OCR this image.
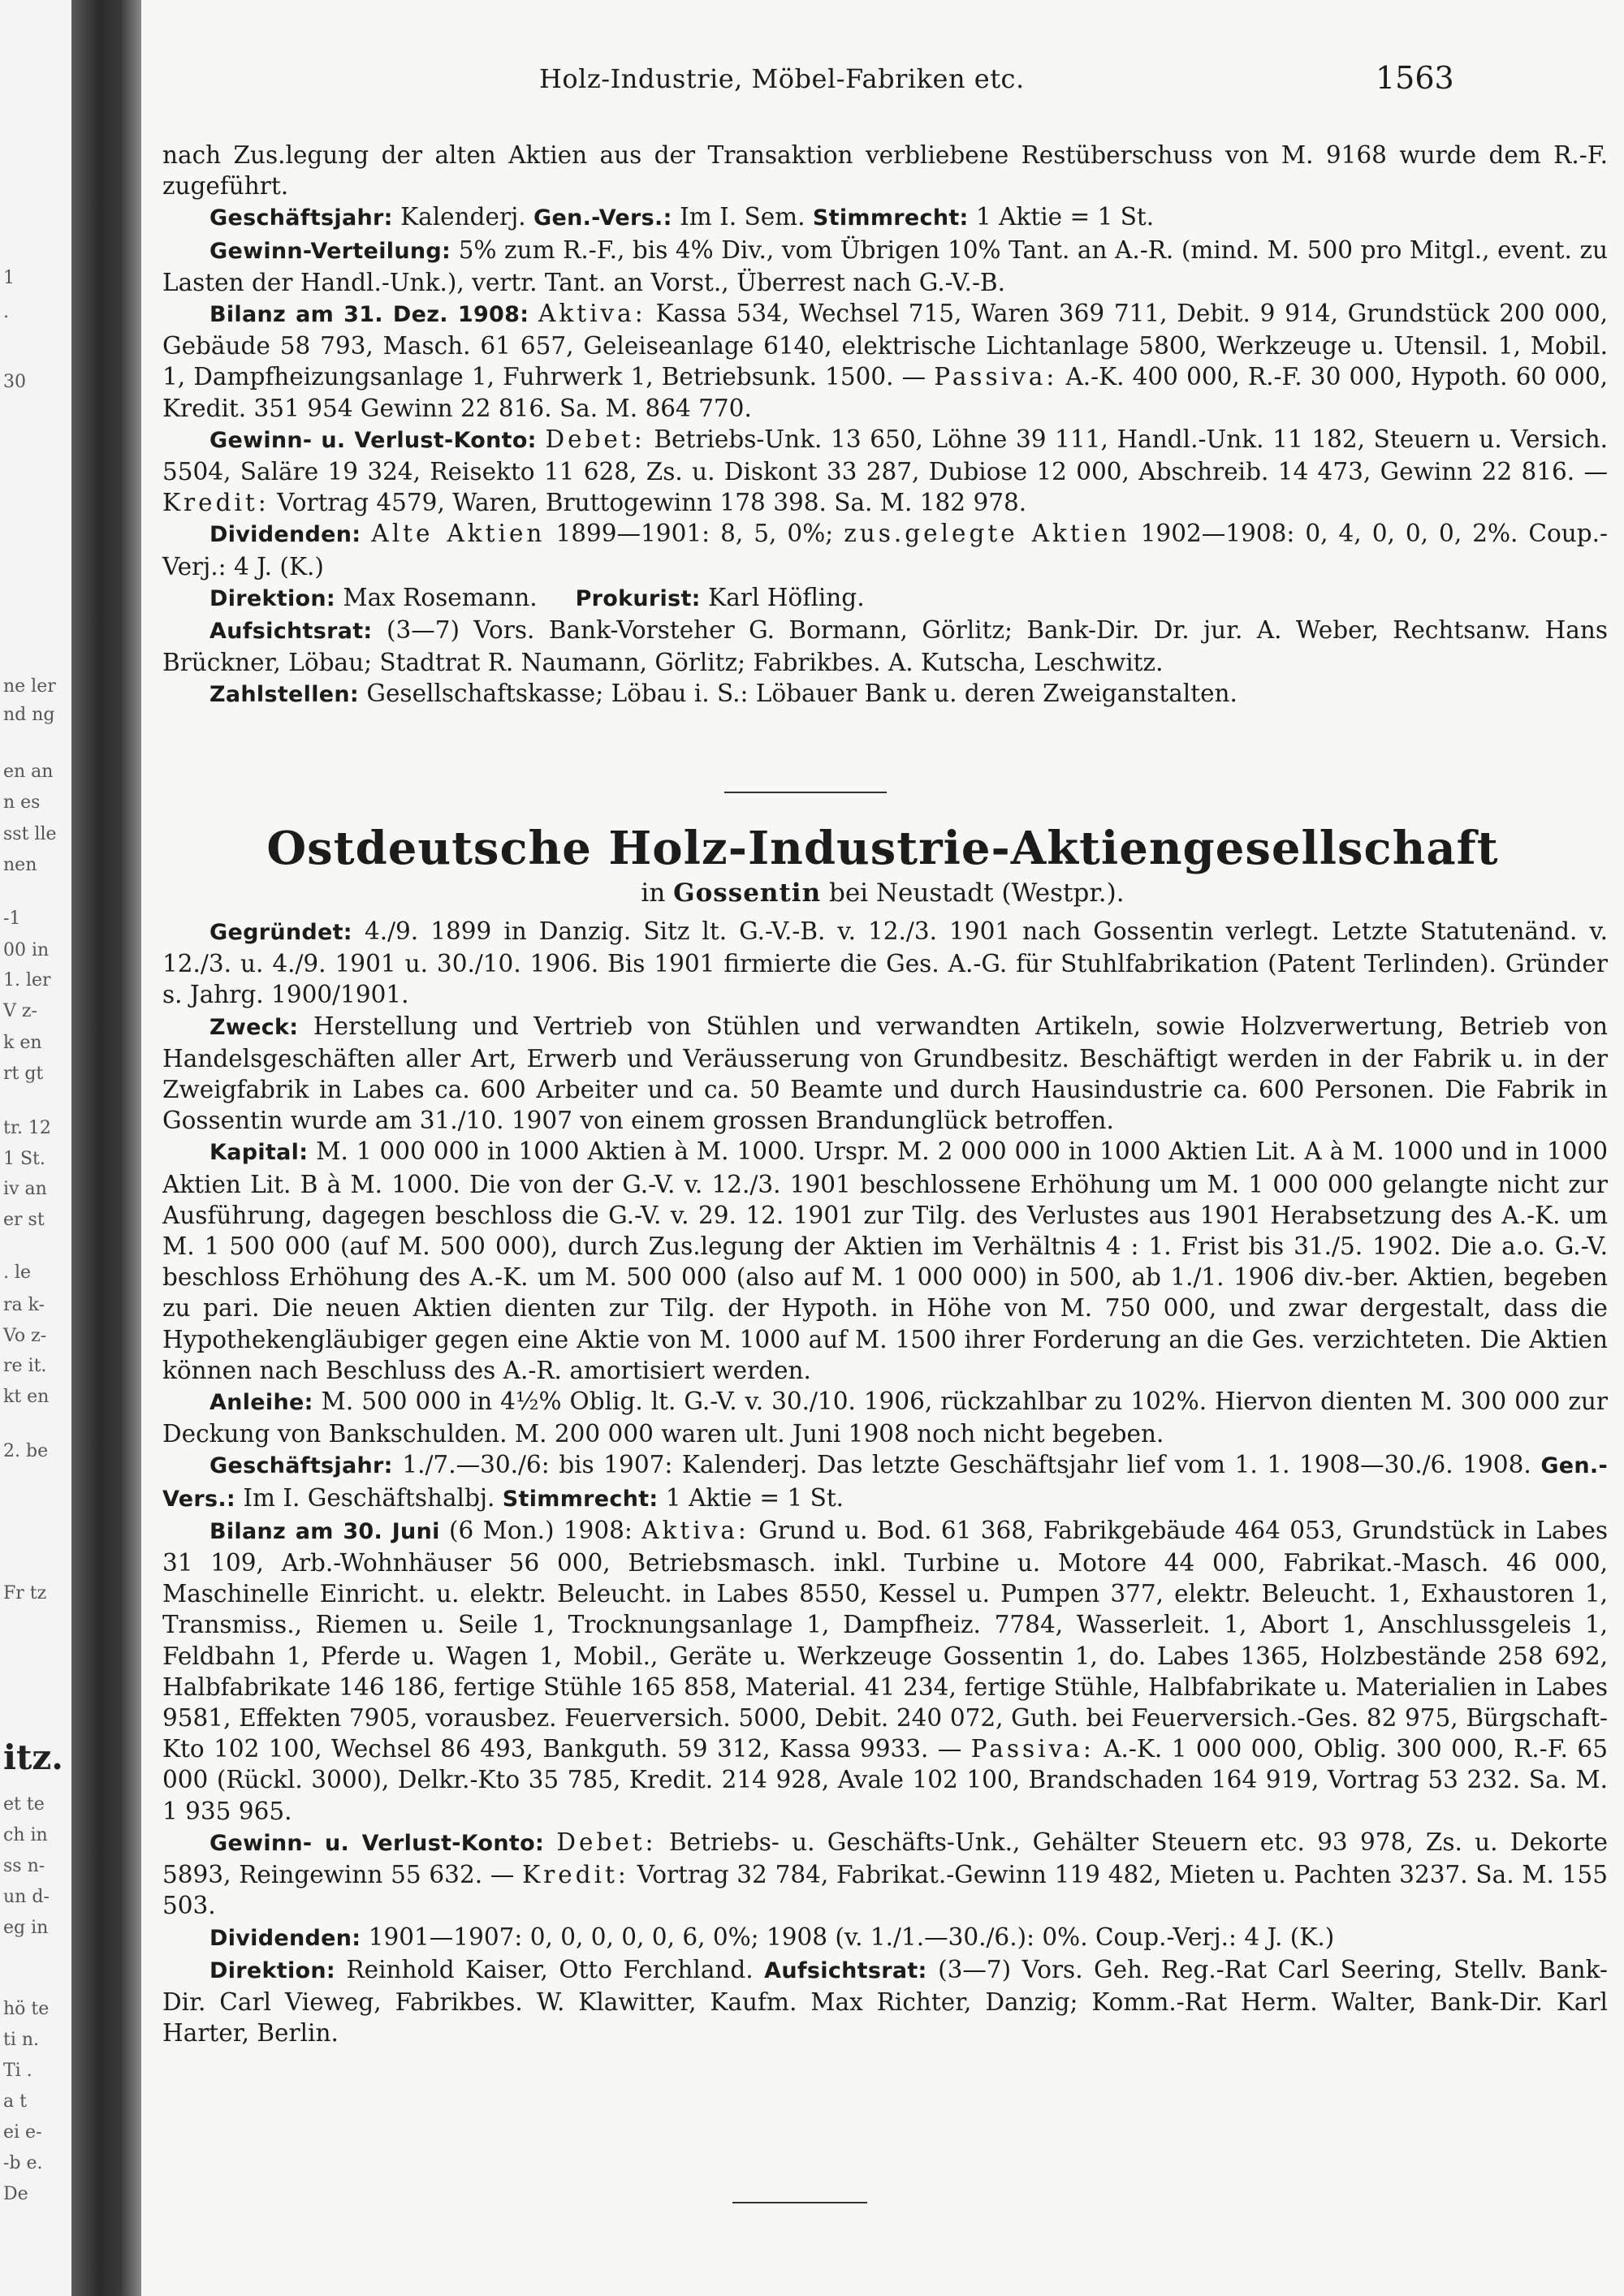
1
.
30
ne ler
nd ng
en an
n es
sst lle
nen
-1
00 in
1. ler
V z-
k en
rt gt
tr. 12
1 St.
iv an
er st
. le
ra k-
Vo z-
re it.
kt en
2. be
Fr tz
itz.
et te
ch in
ss n-
un d-
eg in
hö te
ti n.
Ti .
a t
ei e-
-b e.
De
Holz-Industrie, Möbel-Fabriken etc.	1563

nach Zus.legung der alten Aktien aus der Transaktion verbliebene Restüberschuss von M. 9168 wurde dem R.-F. zugeführt.

Geschäftsjahr: Kalenderj. Gen.-Vers.: Im I. Sem. Stimmrecht: 1 Aktie = 1 St.

Gewinn-Verteilung: 5% zum R.-F., bis 4% Div., vom Übrigen 10% Tant. an A.-R. (mind. M. 500 pro Mitgl., event. zu Lasten der Handl.-Unk.), vertr. Tant. an Vorst., Überrest nach G.-V.-B.

Bilanz am 31. Dez. 1908: Aktiva: Kassa 534, Wechsel 715, Waren 369 711, Debit. 9 914, Grundstück 200 000, Gebäude 58 793, Masch. 61 657, Geleiseanlage 6140, elektrische Lichtanlage 5800, Werkzeuge u. Utensil. 1, Mobil. 1, Dampfheizungsanlage 1, Fuhrwerk 1, Betriebsunk. 1500. — Passiva: A.-K. 400 000, R.-F. 30 000, Hypoth. 60 000, Kredit. 351 954 Gewinn 22 816. Sa. M. 864 770.

Gewinn- u. Verlust-Konto: Debet: Betriebs-Unk. 13 650, Löhne 39 111, Handl.-Unk. 11 182, Steuern u. Versich. 5504, Saläre 19 324, Reisekto 11 628, Zs. u. Diskont 33 287, Dubiose 12 000, Abschreib. 14 473, Gewinn 22 816. — Kredit: Vortrag 4579, Waren, Bruttogewinn 178 398. Sa. M. 182 978.

Dividenden: Alte Aktien 1899—1901: 8, 5, 0%; zus.gelegte Aktien 1902—1908: 0, 4, 0, 0, 0, 2%. Coup.-Verj.: 4 J. (K.)

Direktion: Max Rosemann. Prokurist: Karl Höfling.

Aufsichtsrat: (3—7) Vors. Bank-Vorsteher G. Bormann, Görlitz; Bank-Dir. Dr. jur. A. Weber, Rechtsanw. Hans Brückner, Löbau; Stadtrat R. Naumann, Görlitz; Fabrikbes. A. Kutscha, Leschwitz.

Zahlstellen: Gesellschaftskasse; Löbau i. S.: Löbauer Bank u. deren Zweiganstalten.

Ostdeutsche Holz-Industrie-Aktiengesellschaft

in Gossentin bei Neustadt (Westpr.).

Gegründet: 4./9. 1899 in Danzig. Sitz lt. G.-V.-B. v. 12./3. 1901 nach Gossentin verlegt. Letzte Statutenänd. v. 12./3. u. 4./9. 1901 u. 30./10. 1906. Bis 1901 firmierte die Ges. A.-G. für Stuhlfabrikation (Patent Terlinden). Gründer s. Jahrg. 1900/1901.

Zweck: Herstellung und Vertrieb von Stühlen und verwandten Artikeln, sowie Holzverwertung, Betrieb von Handelsgeschäften aller Art, Erwerb und Veräusserung von Grundbesitz. Beschäftigt werden in der Fabrik u. in der Zweigfabrik in Labes ca. 600 Arbeiter und ca. 50 Beamte und durch Hausindustrie ca. 600 Personen. Die Fabrik in Gossentin wurde am 31./10. 1907 von einem grossen Brandunglück betroffen.

Kapital: M. 1 000 000 in 1000 Aktien à M. 1000. Urspr. M. 2 000 000 in 1000 Aktien Lit. A à M. 1000 und in 1000 Aktien Lit. B à M. 1000. Die von der G.-V. v. 12./3. 1901 beschlossene Erhöhung um M. 1 000 000 gelangte nicht zur Ausführung, dagegen beschloss die G.-V. v. 29. 12. 1901 zur Tilg. des Verlustes aus 1901 Herabsetzung des A.-K. um M. 1 500 000 (auf M. 500 000), durch Zus.legung der Aktien im Verhältnis 4 : 1. Frist bis 31./5. 1902. Die a.o. G.-V. beschloss Erhöhung des A.-K. um M. 500 000 (also auf M. 1 000 000) in 500, ab 1./1. 1906 div.-ber. Aktien, begeben zu pari. Die neuen Aktien dienten zur Tilg. der Hypoth. in Höhe von M. 750 000, und zwar dergestalt, dass die Hypothekengläubiger gegen eine Aktie von M. 1000 auf M. 1500 ihrer Forderung an die Ges. verzichteten. Die Aktien können nach Beschluss des A.-R. amortisiert werden.

Anleihe: M. 500 000 in 4½% Oblig. lt. G.-V. v. 30./10. 1906, rückzahlbar zu 102%. Hiervon dienten M. 300 000 zur Deckung von Bankschulden. M. 200 000 waren ult. Juni 1908 noch nicht begeben.

Geschäftsjahr: 1./7.—30./6: bis 1907: Kalenderj. Das letzte Geschäftsjahr lief vom 1. 1. 1908—30./6. 1908. Gen.-Vers.: Im I. Geschäftshalbj. Stimmrecht: 1 Aktie = 1 St.

Bilanz am 30. Juni (6 Mon.) 1908: Aktiva: Grund u. Bod. 61 368, Fabrikgebäude 464 053, Grundstück in Labes 31 109, Arb.-Wohnhäuser 56 000, Betriebsmasch. inkl. Turbine u. Motore 44 000, Fabrikat.-Masch. 46 000, Maschinelle Einricht. u. elektr. Beleucht. in Labes 8550, Kessel u. Pumpen 377, elektr. Beleucht. 1, Exhaustoren 1, Transmiss., Riemen u. Seile 1, Trocknungsanlage 1, Dampfheiz. 7784, Wasserleit. 1, Abort 1, Anschlussgeleis 1, Feldbahn 1, Pferde u. Wagen 1, Mobil., Geräte u. Werkzeuge Gossentin 1, do. Labes 1365, Holzbestände 258 692, Halbfabrikate 146 186, fertige Stühle 165 858, Material. 41 234, fertige Stühle, Halbfabrikate u. Materialien in Labes 9581, Effekten 7905, vorausbez. Feuerversich. 5000, Debit. 240 072, Guth. bei Feuerversich.-Ges. 82 975, Bürgschaft-Kto 102 100, Wechsel 86 493, Bankguth. 59 312, Kassa 9933. — Passiva: A.-K. 1 000 000, Oblig. 300 000, R.-F. 65 000 (Rückl. 3000), Delkr.-Kto 35 785, Kredit. 214 928, Avale 102 100, Brandschaden 164 919, Vortrag 53 232. Sa. M. 1 935 965.

Gewinn- u. Verlust-Konto: Debet: Betriebs- u. Geschäfts-Unk., Gehälter Steuern etc. 93 978, Zs. u. Dekorte 5893, Reingewinn 55 632. — Kredit: Vortrag 32 784, Fabrikat.-Gewinn 119 482, Mieten u. Pachten 3237. Sa. M. 155 503.

Dividenden: 1901—1907: 0, 0, 0, 0, 0, 6, 0%; 1908 (v. 1./1.—30./6.): 0%. Coup.-Verj.: 4 J. (K.)

Direktion: Reinhold Kaiser, Otto Ferchland. Aufsichtsrat: (3—7) Vors. Geh. Reg.-Rat Carl Seering, Stellv. Bank-Dir. Carl Vieweg, Fabrikbes. W. Klawitter, Kaufm. Max Richter, Danzig; Komm.-Rat Herm. Walter, Bank-Dir. Karl Harter, Berlin.
